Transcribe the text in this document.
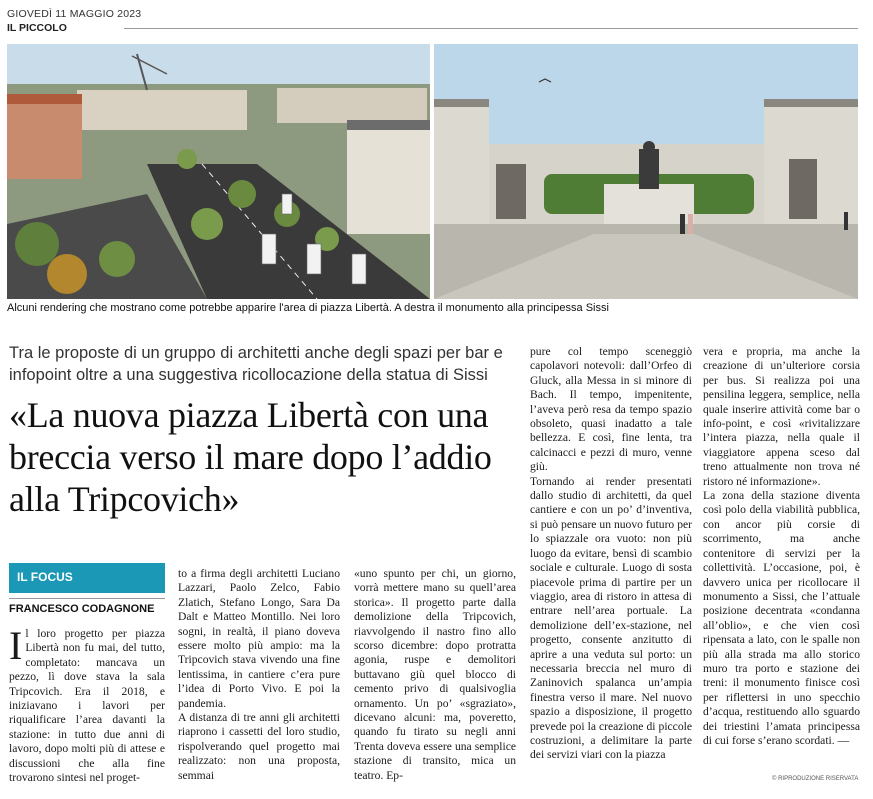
GIOVEDÌ 11 MAGGIO 2023
IL PICCOLO
Alcuni rendering che mostrano come potrebbe apparire l'area di piazza Libertà. A destra il monumento alla principessa Sissi
Tra le proposte di un gruppo di architetti anche degli spazi per bar e infopoint oltre a una suggestiva ricollocazione della statua di Sissi
«La nuova piazza Libertà con una breccia verso il mare dopo l’addio alla Tripcovich»
IL FOCUS
FRANCESCO CODAGNONE
Il loro progetto per piazza Libertà non fu mai, del tutto, completato: mancava un pezzo, lì dove stava la sala Tripcovich. Era il 2018, e iniziavano i lavori per riqualificare l’area davanti la stazione: in tutto due anni di lavoro, dopo molti più di attese e discussioni che alla fine trovarono sintesi nel proget-
to a firma degli architetti Luciano Lazzari, Paolo Zelco, Fabio Zlatich, Stefano Longo, Sara Da Dalt e Matteo Montillo. Nei loro sogni, in realtà, il piano doveva essere molto più ampio: ma la Tripcovich stava vivendo una fine lentissima, in cantiere c’era pure l’idea di Porto Vivo. E poi la pandemia.
A distanza di tre anni gli architetti riaprono i cassetti del loro studio, rispolverando quel progetto mai realizzato: non una proposta, semmai
«uno spunto per chi, un giorno, vorrà mettere mano su quell’area storica». Il progetto parte dalla demolizione della Tripcovich, riavvolgendo il nastro fino allo scorso dicembre: dopo protratta agonia, ruspe e demolitori buttavano giù quel blocco di cemento privo di qualsivoglia ornamento. Un po’ «sgraziato», dicevano alcuni: ma, poveretto, quando fu tirato su negli anni Trenta doveva essere una semplice stazione di transito, mica un teatro. Ep-
pure col tempo sceneggiò capolavori notevoli: dall’Orfeo di Gluck, alla Messa in si minore di Bach. Il tempo, impenitente, l’aveva però resa da tempo spazio obsoleto, quasi inadatto a tale bellezza. E così, fine lenta, tra calcinacci e pezzi di muro, venne giù.
Tornando ai render presentati dallo studio di architetti, da quel cantiere e con un po’ d’inventiva, si può pensare un nuovo futuro per lo spiazzale ora vuoto: non più luogo da evitare, bensì di scambio sociale e culturale. Luogo di sosta piacevole prima di partire per un viaggio, area di ristoro in attesa di entrare nell’area portuale. La demolizione dell’ex-stazione, nel progetto, consente anzitutto di aprire a una veduta sul porto: un necessaria breccia nel muro di Zaninovich spalanca un’ampia finestra verso il mare. Nel nuovo spazio a disposizione, il progetto prevede poi la creazione di piccole costruzioni, a delimitare la parte dei servizi viari con la piazza
vera e propria, ma anche la creazione di un’ulteriore corsia per bus. Si realizza poi una pensilina leggera, semplice, nella quale inserire attività come bar o info-point, e così «rivitalizzare l’intera piazza, nella quale il viaggiatore appena sceso dal treno attualmente non trova né ristoro né informazione».
La zona della stazione diventa così polo della viabilità pubblica, con ancor più corsie di scorrimento, ma anche contenitore di servizi per la collettività. L’occasione, poi, è davvero unica per ricollocare il monumento a Sissi, che l’attuale posizione decentrata «condanna all’oblio», e che vien così ripensata a lato, con le spalle non più alla strada ma allo storico muro tra porto e stazione dei treni: il monumento finisce così per riflettersi in uno specchio d’acqua, restituendo allo sguardo dei triestini l’amata principessa di cui forse s’erano scordati. —
© RIPRODUZIONE RISERVATA
